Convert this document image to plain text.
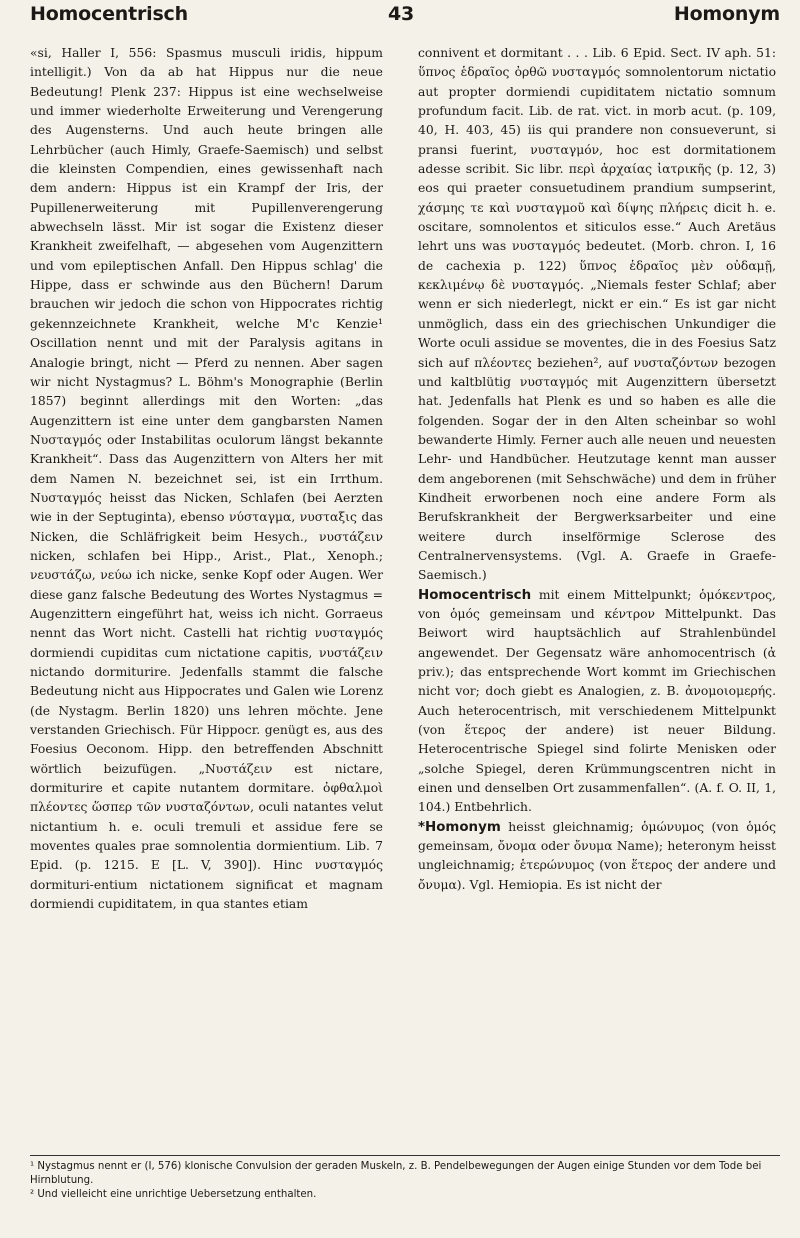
Homocentrisch	43	Homonym

«si, Haller I, 556: Spasmus musculi iridis, hippum intelligit.) Von da ab hat Hippus nur die neue Bedeutung! Plenk 237: Hippus ist eine wechselweise und immer wiederholte Erweiterung und Verengerung des Augensterns. Und auch heute bringen alle Lehrbücher (auch Himly, Graefe-Saemisch) und selbst die kleinsten Compendien, eines gewissenhaft nach dem andern: Hippus ist ein Krampf der Iris, der Pupillenerweiterung mit Pupillenverengerung abwechseln lässt. Mir ist sogar die Existenz dieser Krankheit zweifelhaft, — abgesehen vom Augenzittern und vom epileptischen Anfall. Den Hippus schlag' die Hippe, dass er schwinde aus den Büchern! Darum brauchen wir jedoch die schon von Hippocrates richtig gekennzeichnete Krankheit, welche M'c Kenzie¹ Oscillation nennt und mit der Paralysis agitans in Analogie bringt, nicht — Pferd zu nennen. Aber sagen wir nicht Nystagmus? L. Böhm's Monographie (Berlin 1857) beginnt allerdings mit den Worten: „das Augenzittern ist eine unter dem gangbarsten Namen Νυσταγμός oder Instabilitas oculorum längst bekannte Krankheit“. Dass das Augenzittern von Alters her mit dem Namen N. bezeichnet sei, ist ein Irrthum. Νυσταγμός heisst das Nicken, Schlafen (bei Aerzten wie in der Septuginta), ebenso νύσταγμα, νυσταξις das Nicken, die Schläfrigkeit beim Hesych., νυστάζειν nicken, schlafen bei Hipp., Arist., Plat., Xenoph.; νευστάζω, νεύω ich nicke, senke Kopf oder Augen. Wer diese ganz falsche Bedeutung des Wortes Nystagmus = Augenzittern eingeführt hat, weiss ich nicht. Gorraeus nennt das Wort nicht. Castelli hat richtig νυσταγμός dormiendi cupiditas cum nictatione capitis, νυστάζειν nictando dormiturire. Jedenfalls stammt die falsche Bedeutung nicht aus Hippocrates und Galen wie Lorenz (de Nystagm. Berlin 1820) uns lehren möchte. Jene verstanden Griechisch. Für Hippocr. genügt es, aus des Foesius Oeconom. Hipp. den betreffenden Abschnitt wörtlich beizufügen. „Νυστάζειν est nictare, dormiturire et capite nutantem dormitare. ὀφθαλμοὶ πλέοντες ὥσπερ τῶν νυσταζόντων, oculi natantes velut nictantium h. e. oculi tremuli et assidue fere se moventes quales prae somnolentia dormientium. Lib. 7 Epid. (p. 1215. E [L. V, 390]). Hinc νυσταγμός dormituri-entium nictationem significat et magnam dormiendi cupiditatem, in qua stantes etiam

connivent et dormitant . . . Lib. 6 Epid. Sect. IV aph. 51: ὕπνος ἑδραῖος ὀρθῶ νυσταγμός somnolentorum nictatio aut propter dormiendi cupiditatem nictatio somnum profundum facit. Lib. de rat. vict. in morb acut. (p. 109, 40, H. 403, 45) iis qui prandere non consueverunt, si pransi fuerint, νυσταγμόν, hoc est dormitationem adesse scribit. Sic libr. περὶ ἀρχαίας ἰατρικῆς (p. 12, 3) eos qui praeter consuetudinem prandium sumpserint, χάσμης τε καὶ νυσταγμοῦ καὶ δίψης πλήρεις dicit h. e. oscitare, somnolentos et siticulos esse.“ Auch Aretäus lehrt uns was νυσταγμός bedeutet. (Morb. chron. I, 16 de cachexia p. 122) ὕπνος ἑδραῖος μὲν οὐδαμῇ, κεκλιμένῳ δὲ νυσταγμός. „Niemals fester Schlaf; aber wenn er sich niederlegt, nickt er ein.“ Es ist gar nicht unmöglich, dass ein des griechischen Unkundiger die Worte oculi assidue se moventes, die in des Foesius Satz sich auf πλέοντες beziehen², auf νυσταζόντων bezogen und kaltblütig νυσταγμός mit Augenzittern übersetzt hat. Jedenfalls hat Plenk es und so haben es alle die folgenden. Sogar der in den Alten scheinbar so wohl bewanderte Himly. Ferner auch alle neuen und neuesten Lehr- und Handbücher. Heutzutage kennt man ausser dem angeborenen (mit Sehschwäche) und dem in früher Kindheit erworbenen noch eine andere Form als Berufskrankheit der Bergwerksarbeiter und eine weitere durch inselförmige Sclerose des Centralnervensystems. (Vgl. A. Graefe in Graefe-Saemisch.)

Homocentrisch mit einem Mittelpunkt; ὁμόκεντρος, von ὁμός gemeinsam und κέντρον Mittelpunkt. Das Beiwort wird hauptsächlich auf Strahlenbündel angewendet. Der Gegensatz wäre anhomocentrisch (ἀ priv.); das entsprechende Wort kommt im Griechischen nicht vor; doch giebt es Analogien, z. B. ἀνομοιομερής. Auch heterocentrisch, mit verschiedenem Mittelpunkt (von ἕτερος der andere) ist neuer Bildung. Heterocentrische Spiegel sind folirte Menisken oder „solche Spiegel, deren Krümmungscentren nicht in einen und denselben Ort zusammenfallen“. (A. f. O. II, 1, 104.) Entbehrlich.

*Homonym heisst gleichnamig; ὁμώνυμος (von ὁμός gemeinsam, ὄνομα oder ὄνυμα Name); heteronym heisst ungleichnamig; ἑτερώνυμος (von ἕτερος der andere und ὄνυμα). Vgl. Hemiopia. Es ist nicht der

¹ Nystagmus nennt er (I, 576) klonische Convulsion der geraden Muskeln, z. B. Pendelbewegungen der Augen einige Stunden vor dem Tode bei Hirnblutung.

² Und vielleicht eine unrichtige Uebersetzung enthalten.
